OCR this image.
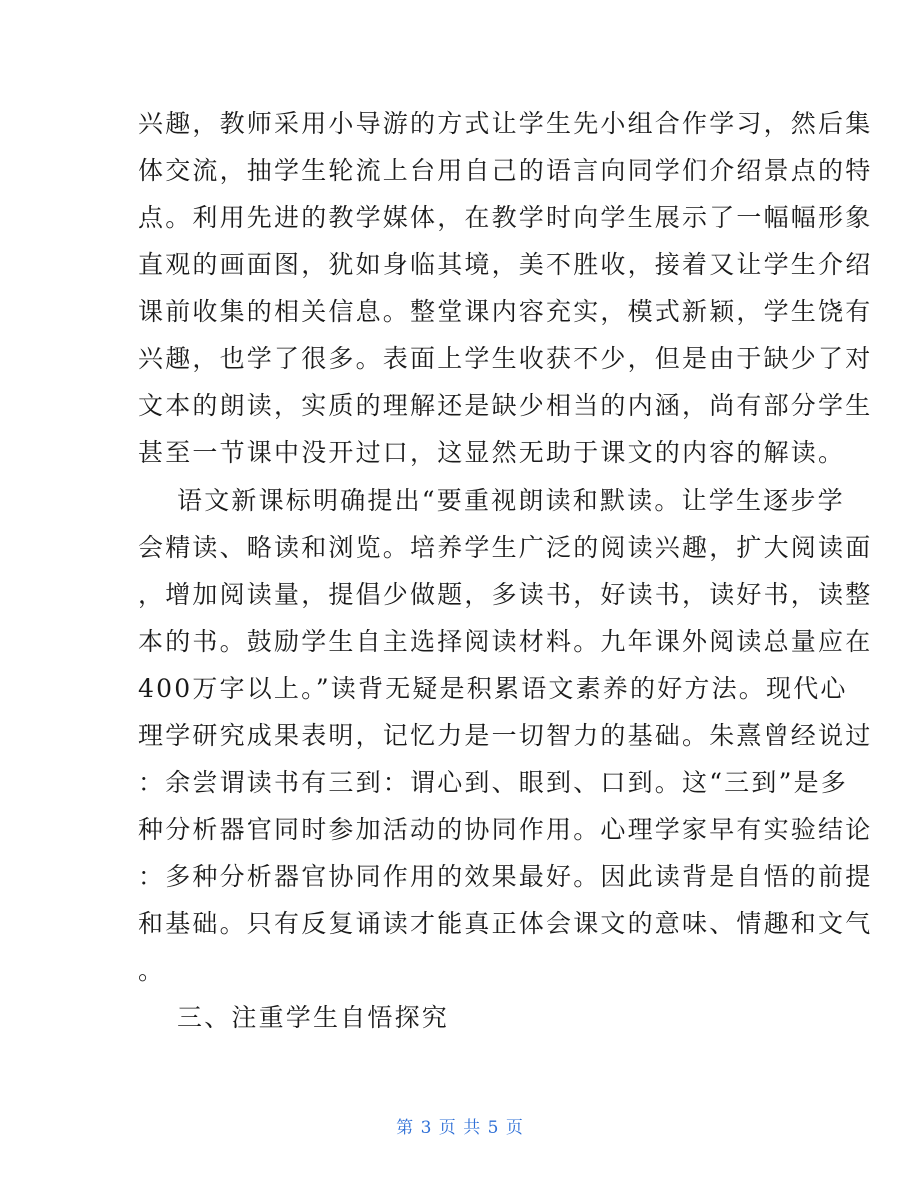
兴趣，教师采用小导游的方式让学生先小组合作学习，然后集
体交流，抽学生轮流上台用自己的语言向同学们介绍景点的特
点。利用先进的教学媒体，在教学时向学生展示了一幅幅形象
直观的画面图，犹如身临其境，美不胜收，接着又让学生介绍
课前收集的相关信息。整堂课内容充实，模式新颖，学生饶有
兴趣，也学了很多。表面上学生收获不少，但是由于缺少了对
文本的朗读，实质的理解还是缺少相当的内涵，尚有部分学生
甚至一节课中没开过口，这显然无助于课文的内容的解读。
语文新课标明确提出“要重视朗读和默读。让学生逐步学
会精读、略读和浏览。培养学生广泛的阅读兴趣，扩大阅读面
，增加阅读量，提倡少做题，多读书，好读书，读好书，读整
本的书。鼓励学生自主选择阅读材料。九年课外阅读总量应在
400万字以上。”读背无疑是积累语文素养的好方法。现代心
理学研究成果表明，记忆力是一切智力的基础。朱熹曾经说过
：余尝谓读书有三到：谓心到、眼到、口到。这“三到”是多
种分析器官同时参加活动的协同作用。心理学家早有实验结论
：多种分析器官协同作用的效果最好。因此读背是自悟的前提
和基础。只有反复诵读才能真正体会课文的意味、情趣和文气
。
三、注重学生自悟探究
第 3 页 共 5 页
